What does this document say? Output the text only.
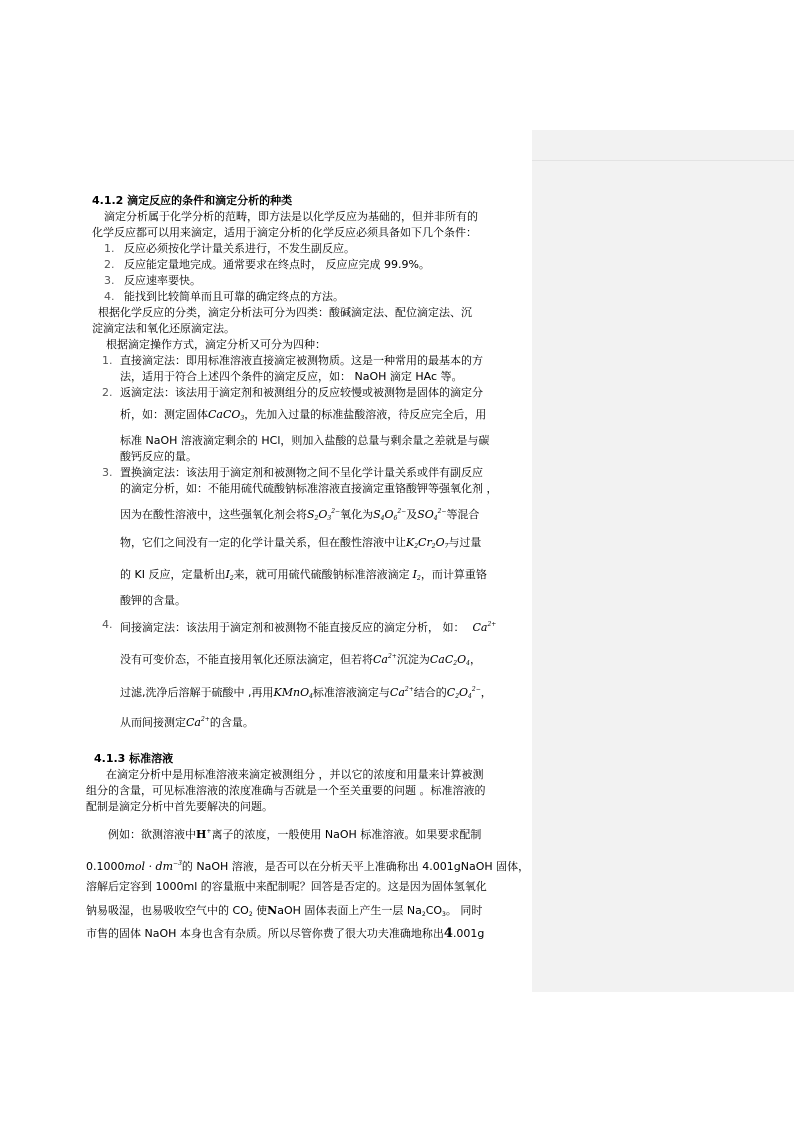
4.1.2 滴定反应的条件和滴定分析的种类
滴定分析属于化学分析的范畴，即方法是以化学反应为基础的，但并非所有的
化学反应都可以用来滴定，适用于滴定分析的化学反应必须具备如下几个条件：
1. 反应必须按化学计量关系进行，不发生副反应。
2. 反应能定量地完成。通常要求在终点时， 反应应完成 99.9%。
3. 反应速率要快。
4. 能找到比较简单而且可靠的确定终点的方法。
根据化学反应的分类，滴定分析法可分为四类：酸碱滴定法、配位滴定法、沉
淀滴定法和氧化还原滴定法。
根据滴定操作方式，滴定分析又可分为四种：
1. 直接滴定法：即用标准溶液直接滴定被测物质。这是一种常用的最基本的方
法，适用于符合上述四个条件的滴定反应，如： NaOH 滴定 HAc 等。
2. 返滴定法：该法用于滴定剂和被测组分的反应较慢或被测物是固体的滴定分
析，如：测定固体CaCO$_3$，先加入过量的标准盐酸溶液，待反应完全后，用
标准 NaOH 溶液滴定剩余的 HCl，则加入盐酸的总量与剩余量之差就是与碳
酸钙反应的量。
3. 置换滴定法：该法用于滴定剂和被测物之间不呈化学计量关系或伴有副反应
的滴定分析，如：不能用硫代硫酸钠标准溶液直接滴定重铬酸钾等强氧化剂 ，
因为在酸性溶液中，这些强氧化剂会将$S_2O_3^{2-}$氧化为$S_4O_6^{2-}$及$SO_4^{2-}$等混合
物，它们之间没有一定的化学计量关系，但在酸性溶液中让$K_2Cr_2O_7$与过量
的 KI 反应，定量析出$I_2$来，就可用硫代硫酸钠标准溶液滴定 $I_2$，而计算重铬
酸钾的含量。
4. 间接滴定法：该法用于滴定剂和被测物不能直接反应的滴定分析， 如： $Ca^{2+}$
没有可变价态，不能直接用氧化还原法滴定，但若将$Ca^{2+}$沉淀为$CaC_2O_4$，
过滤,洗净后溶解于硫酸中 ,再用KMnO$_4$标准溶液滴定与$Ca^{2+}$结合的$C_2O_4^{2-}$，
从而间接测定$Ca^{2+}$的含量。
4.1.3 标准溶液
在滴定分析中是用标准溶液来滴定被测组分 ，并以它的浓度和用量来计算被测
组分的含量，可见标准溶液的浓度准确与否就是一个至关重要的问题 。标准溶液的
配制是滴定分析中首先要解决的问题。
例如：欲测溶液中H+离子的浓度，一般使用 NaOH 标准溶液。如果要求配制
$0.1000mol \cdot dm^{-3}$的 NaOH 溶液，是否可以在分析天平上准确称出 4.001gNaOH 固体，
溶解后定容到 1000ml 的容量瓶中来配制呢？回答是否定的。这是因为固体氢氧化
钠易吸湿，也易吸收空气中的 $CO_2$ 使NaOH 固体表面上产生一层 $Na_2CO_3$。 同时
市售的固体 NaOH 本身也含有杂质。所以尽管你费了很大功夫准确地称出4.001g
